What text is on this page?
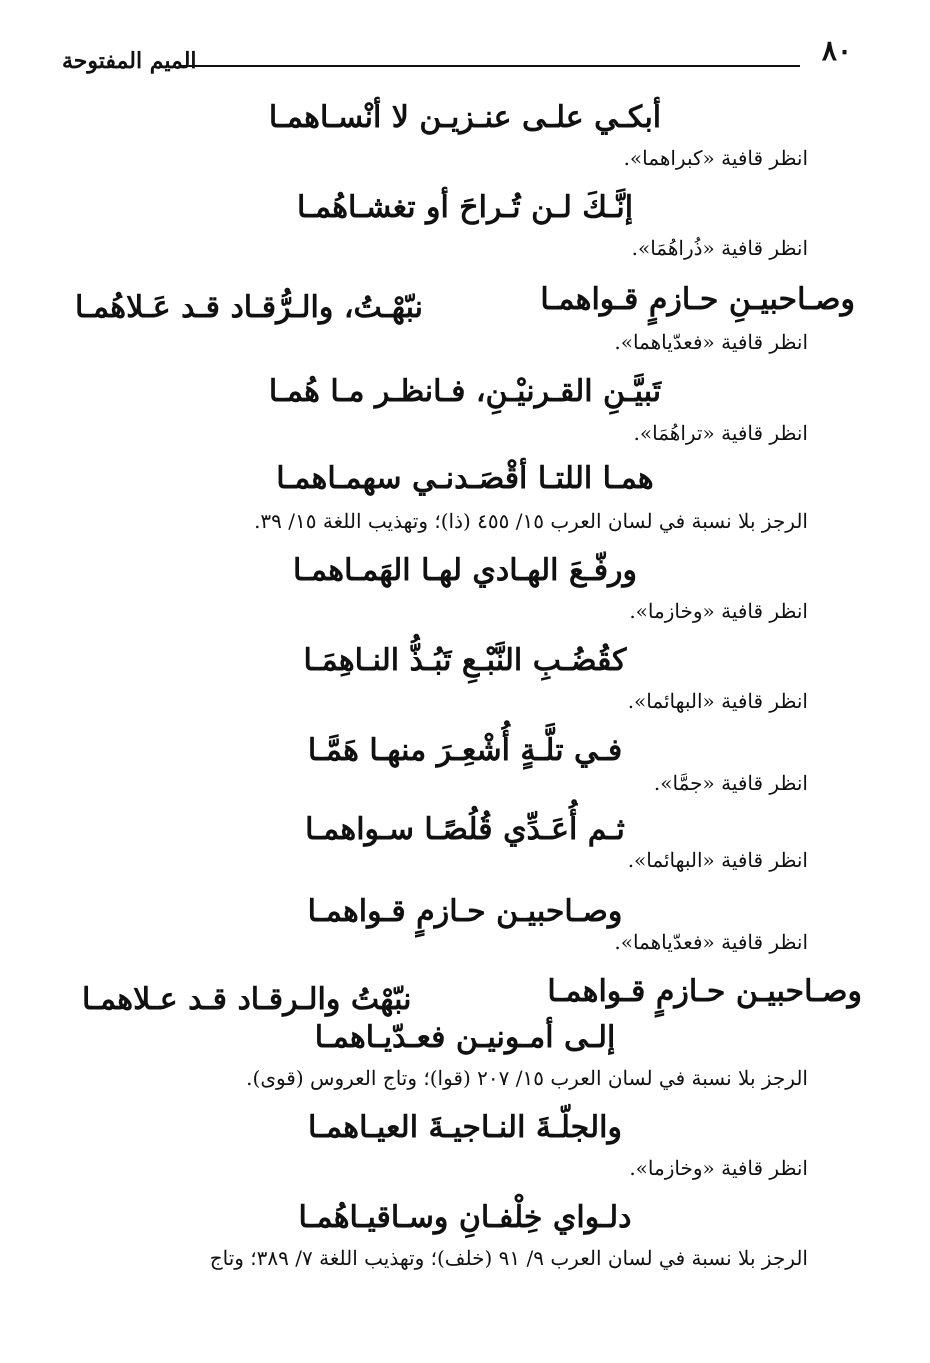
٨٠
الميم المفتوحة
أبكـي علـى عنـزيـن لا أنْسـاهمـا
انظر قافية «كبراهما».
إنَّـكَ لـن تُـراحَ أو تغشـاهُمـا
انظر قافية «ذُراهُمَا».
وصـاحبيـنِ حـازمٍ قـواهمـا
نبّهْـتُ، والـرُّقـاد قـد عَـلاهُمـا
انظر قافية «فعدّياهما».
تَبيَّـنِ القـرنيْـنِ، فـانظـر مـا هُمـا
انظر قافية «تراهُمَا».
همـا اللتـا أقْصَـدنـي سهمـاهمـا
الرجز بلا نسبة في لسان العرب ١٥/ ٤٥٥ (ذا)؛ وتهذيب اللغة ١٥/ ٣٩.
ورفّـعَ الهـادي لهـا الهَمـاهمـا
انظر قافية «وخازما».
كقُضُـبِ النَّبْـعِ تَبُـذُّ النـاهِمَـا
انظر قافية «البهائما».
فـي تلَّـةٍ أُشْعِـرَ منهـا هَمَّـا
انظر قافية «جمَّا».
ثـم أُعَـدِّي قُلُصًـا سـواهمـا
انظر قافية «البهائما».
وصـاحبيـن حـازمٍ قـواهمـا
انظر قافية «فعدّياهما».
وصـاحبيـن حـازمٍ قـواهمـا
نبّهْتُ والـرقـاد قـد عـلاهمـا
إلـى أمـونيـن فعـدّيـاهمـا
الرجز بلا نسبة في لسان العرب ١٥/ ٢٠٧ (قوا)؛ وتاج العروس (قوى).
والجلّـةَ النـاجيـةَ العيـاهمـا
انظر قافية «وخازما».
دلـواي خِلْفـانِ وسـاقيـاهُمـا
الرجز بلا نسبة في لسان العرب ٩/ ٩١ (خلف)؛ وتهذيب اللغة ٧/ ٣٨٩؛ وتاج
